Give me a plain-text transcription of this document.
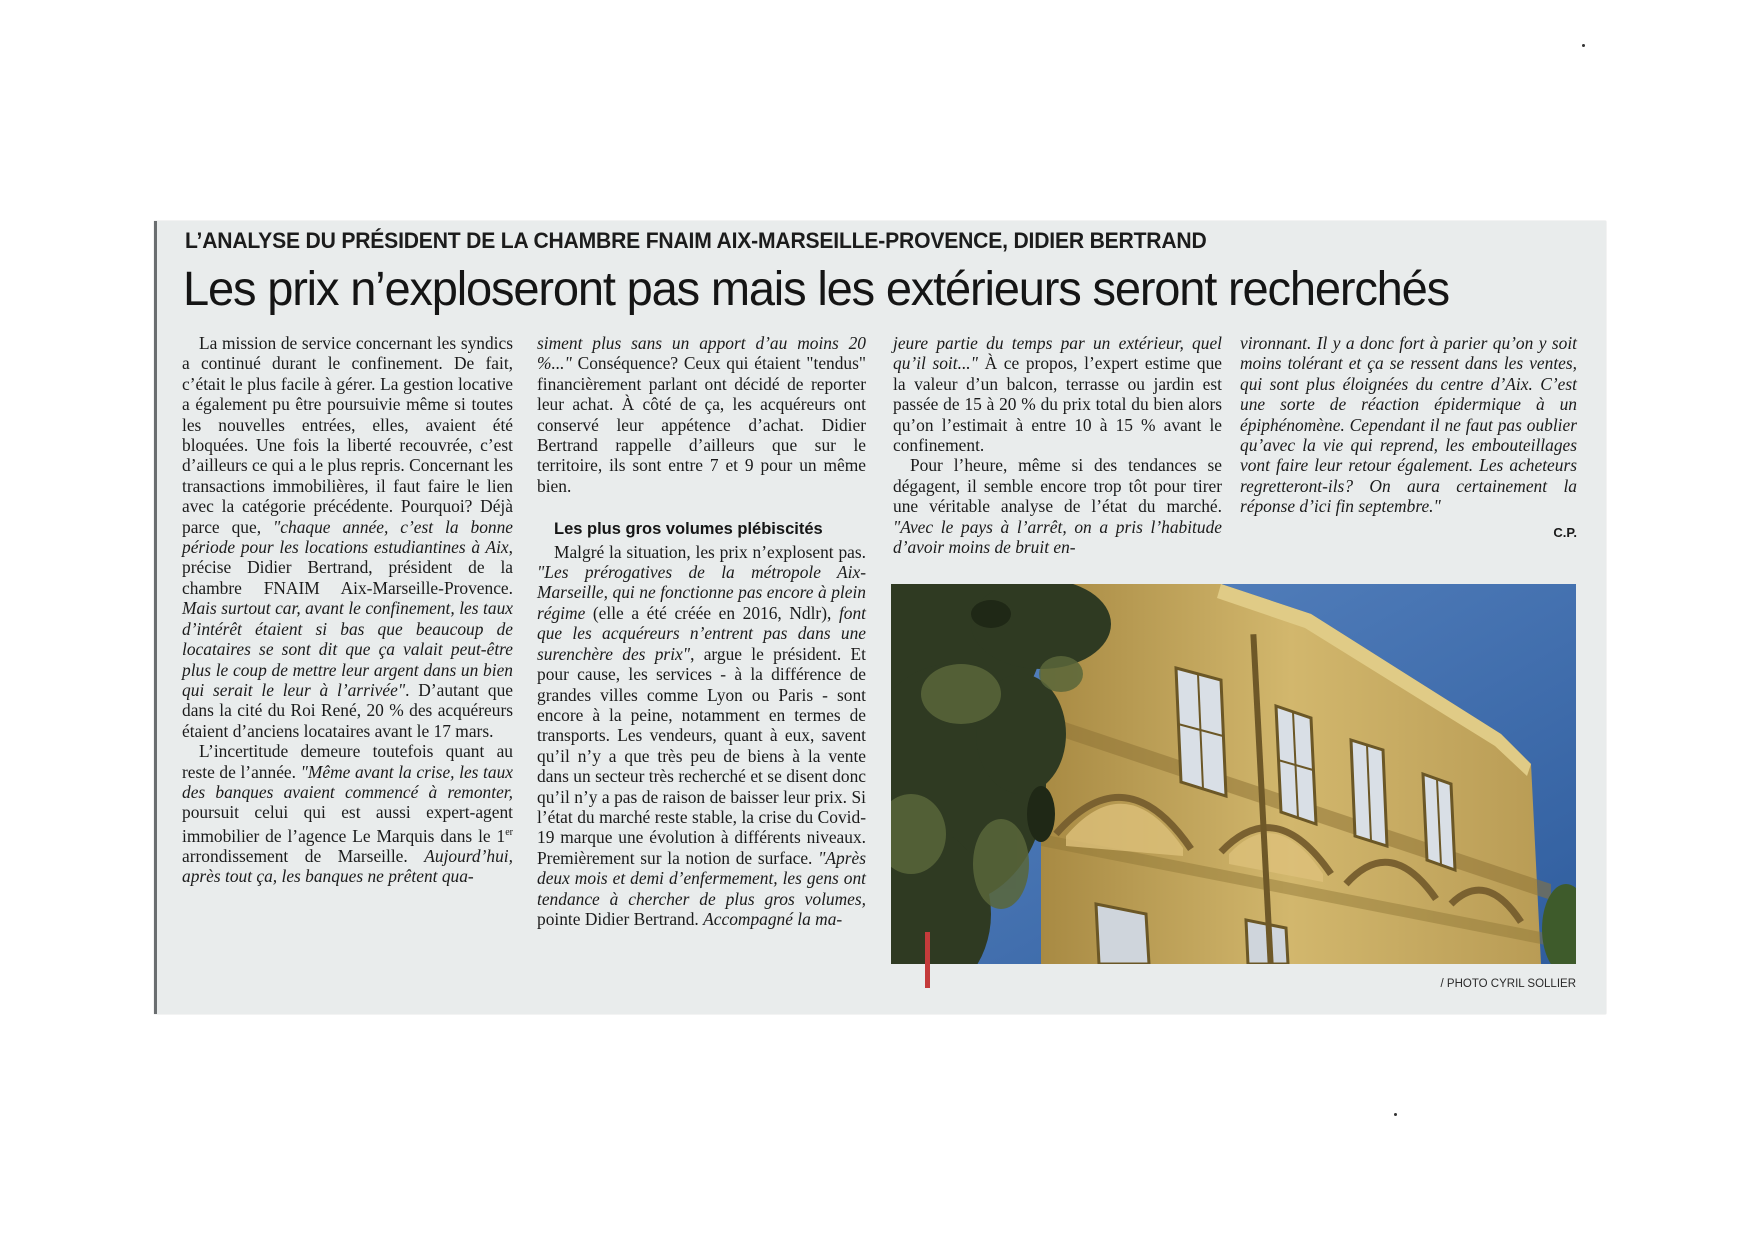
L’ANALYSE DU PRÉSIDENT DE LA CHAMBRE FNAIM AIX-MARSEILLE-PROVENCE, DIDIER BERTRAND
Les prix n’exploseront pas mais les extérieurs seront recherchés

La mission de service concernant les syndics a continué durant le confinement. De fait, c’était le plus facile à gérer. La gestion locative a également pu être poursuivie même si toutes les nouvelles entrées, elles, avaient été bloquées. Une fois la liberté recouvrée, c’est d’ailleurs ce qui a le plus repris. Concernant les transactions immobilières, il faut faire le lien avec la catégorie précédente. Pourquoi? Déjà parce que, "chaque année, c’est la bonne période pour les locations estudiantines à Aix, précise Didier Bertrand, président de la chambre FNAIM Aix-Marseille-Provence. Mais surtout car, avant le confinement, les taux d’intérêt étaient si bas que beaucoup de locataires se sont dit que ça valait peut-être plus le coup de mettre leur argent dans un bien qui serait le leur à l’arrivée". D’autant que dans la cité du Roi René, 20 % des acquéreurs étaient d’anciens locataires avant le 17 mars.

L’incertitude demeure toutefois quant au reste de l’année. "Même avant la crise, les taux des banques avaient commencé à remonter, poursuit celui qui est aussi expert-agent immobilier de l’agence Le Marquis dans le 1er arrondissement de Marseille. Aujourd’hui, après tout ça, les banques ne prêtent qua-

siment plus sans un apport d’au moins 20 %..." Conséquence? Ceux qui étaient "tendus" financièrement parlant ont décidé de reporter leur achat. À côté de ça, les acquéreurs ont conservé leur appétence d’achat. Didier Bertrand rappelle d’ailleurs que sur le territoire, ils sont entre 7 et 9 pour un même bien.

Les plus gros volumes plébiscités

Malgré la situation, les prix n’explosent pas. "Les prérogatives de la métropole Aix-Marseille, qui ne fonctionne pas encore à plein régime (elle a été créée en 2016, Ndlr), font que les acquéreurs n’entrent pas dans une surenchère des prix", argue le président. Et pour cause, les services - à la différence de grandes villes comme Lyon ou Paris - sont encore à la peine, notamment en termes de transports. Les vendeurs, quant à eux, savent qu’il n’y a que très peu de biens à la vente dans un secteur très recherché et se disent donc qu’il n’y a pas de raison de baisser leur prix. Si l’état du marché reste stable, la crise du Covid-19 marque une évolution à différents niveaux. Premièrement sur la notion de surface. "Après deux mois et demi d’enfermement, les gens ont tendance à chercher de plus gros volumes, pointe Didier Bertrand. Accompagné la ma-

jeure partie du temps par un extérieur, quel qu’il soit..." À ce propos, l’expert estime que la valeur d’un balcon, terrasse ou jardin est passée de 15 à 20 % du prix total du bien alors qu’on l’estimait à entre 10 à 15 % avant le confinement.

Pour l’heure, même si des tendances se dégagent, il semble encore trop tôt pour tirer une véritable analyse de l’état du marché. "Avec le pays à l’arrêt, on a pris l’habitude d’avoir moins de bruit en-

vironnant. Il y a donc fort à parier qu’on y soit moins tolérant et ça se ressent dans les ventes, qui sont plus éloignées du centre d’Aix. C’est une sorte de réaction épidermique à un épiphénomène. Cependant il ne faut pas oublier qu’avec la vie qui reprend, les embouteillages vont faire leur retour également. Les acheteurs regretteront-ils? On aura certainement la réponse d’ici fin septembre."

C.P.
/ PHOTO CYRIL SOLLIER
